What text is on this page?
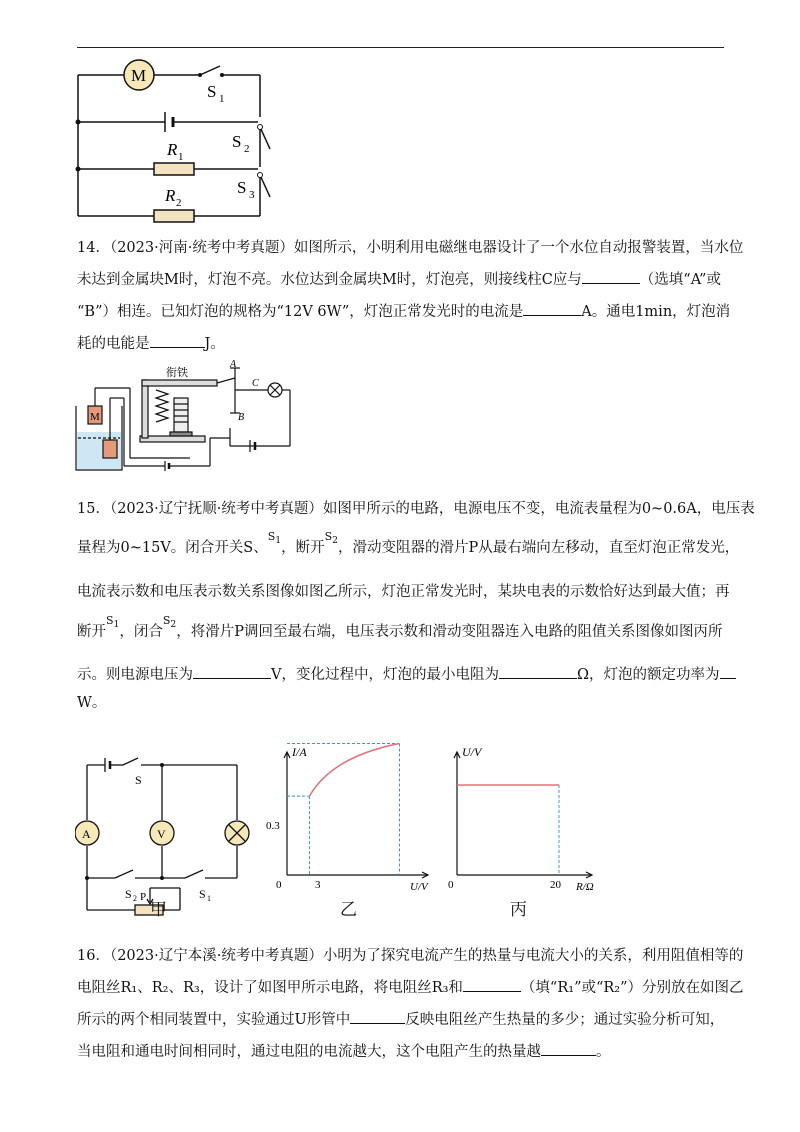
M
S 1
S 2
S 3
R 1
R 2

14．（2023·河南·统考中考真题）如图所示，小明利用电磁继电器设计了一个水位自动报警装置，当水位

未达到金属块M时，灯泡不亮。水位达到金属块M时，灯泡亮，则接线柱C应与	（选填“A”或

“B”）相连。已知灯泡的规格为“12V 6W”，灯泡正常发光时的电流是	A。通电1min，灯泡消

耗的电能是	J。

衔铁
A
B
C
M

15．（2023·辽宁抚顺·统考中考真题）如图甲所示的电路，电源电压不变，电流表量程为0~0.6A，电压表

量程为0~15V。闭合开关S、$^{S_1}$，断开$^{S_2}$，滑动变阻器的滑片P从最右端向左移动，直至灯泡正常发光，

电流表示数和电压表示数关系图像如图乙所示，灯泡正常发光时，某块电表的示数恰好达到最大值；再

断开$^{S_1}$，闭合$^{S_2}$，将滑片P调回至最右端，电压表示数和滑动变阻器连入电路的阻值关系图像如图丙所

示。则电源电压为	V，变化过程中，灯泡的最小电阻为	Ω，灯泡的额定功率为

W。

A	V
S
S 2	S 1
P
甲
I/A
U/V
0
0.3
3
乙
U/V
R/Ω
0	20
丙

16．（2023·辽宁本溪·统考中考真题）小明为了探究电流产生的热量与电流大小的关系，利用阻值相等的

电阻丝R₁、R₂、R₃，设计了如图甲所示电路，将电阻丝R₃和	（填“R₁”或“R₂”）分别放在如图乙

所示的两个相同装置中，实验通过U形管中	反映电阻丝产生热量的多少；通过实验分析可知，

当电阻和通电时间相同时，通过电阻的电流越大，这个电阻产生的热量越	。
